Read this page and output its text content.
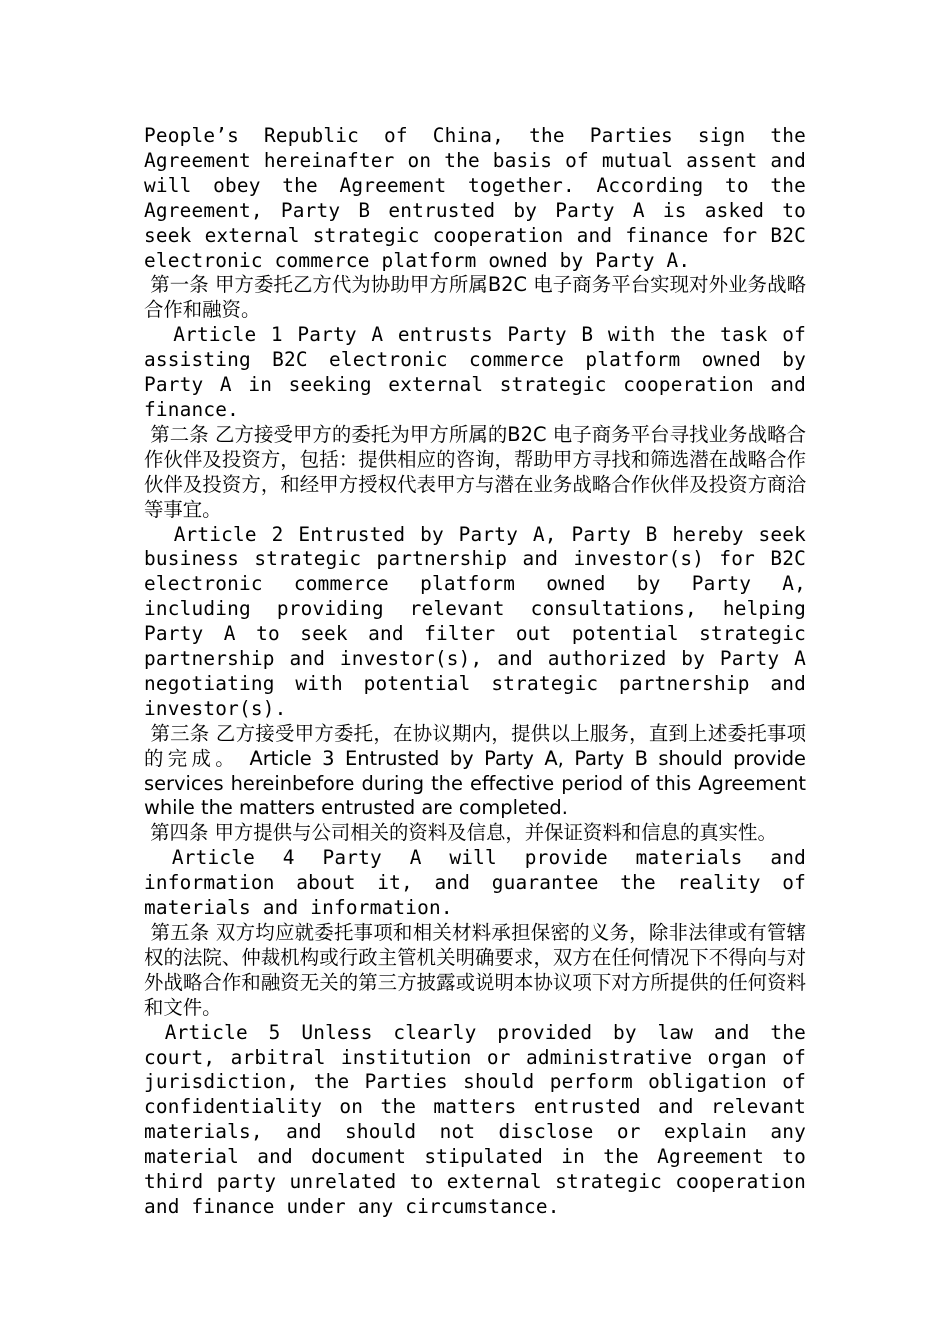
People’s Republic of China, the Parties sign the Agreement hereinafter on the basis of mutual assent and will obey the Agreement together. According to the Agreement, Party B entrusted by Party A is asked to seek external strategic cooperation and finance for B2C electronic commerce platform owned by Party A.

第一条 甲方委托乙方代为协助甲方所属B2C 电子商务平台实现对外业务战略合作和融资。

Article 1 Party A entrusts Party B with the task of assisting B2C electronic commerce platform owned by Party A in seeking external strategic cooperation and finance.

第二条 乙方接受甲方的委托为甲方所属的B2C 电子商务平台寻找业务战略合作伙伴及投资方，包括：提供相应的咨询，帮助甲方寻找和筛选潜在战略合作伙伴及投资方，和经甲方授权代表甲方与潜在业务战略合作伙伴及投资方商洽等事宜。

Article 2 Entrusted by Party A, Party B hereby seek business strategic partnership and investor(s) for B2C electronic commerce platform owned by Party A, including providing relevant consultations, helping Party A to seek and filter out potential strategic partnership and investor(s), and authorized by Party A negotiating with potential strategic partnership and investor(s).

第三条 乙方接受甲方委托，在协议期内，提供以上服务，直到上述委托事项的完成。 Article 3 Entrusted by Party A, Party B should provide services hereinbefore during the effective period of this Agreement while the matters entrusted are completed.

第四条 甲方提供与公司相关的资料及信息，并保证资料和信息的真实性。

Article 4 Party A will provide materials and information about it, and guarantee the reality of materials and information.

第五条 双方均应就委托事项和相关材料承担保密的义务，除非法律或有管辖权的法院、仲裁机构或行政主管机关明确要求，双方在任何情况下不得向与对外战略合作和融资无关的第三方披露或说明本协议项下对方所提供的任何资料和文件。

Article 5 Unless clearly provided by law and the court, arbitral institution or administrative organ of jurisdiction, the Parties should perform obligation of confidentiality on the matters entrusted and relevant materials, and should not disclose or explain any material and document stipulated in the Agreement to third party unrelated to external strategic cooperation and finance under any circumstance.
